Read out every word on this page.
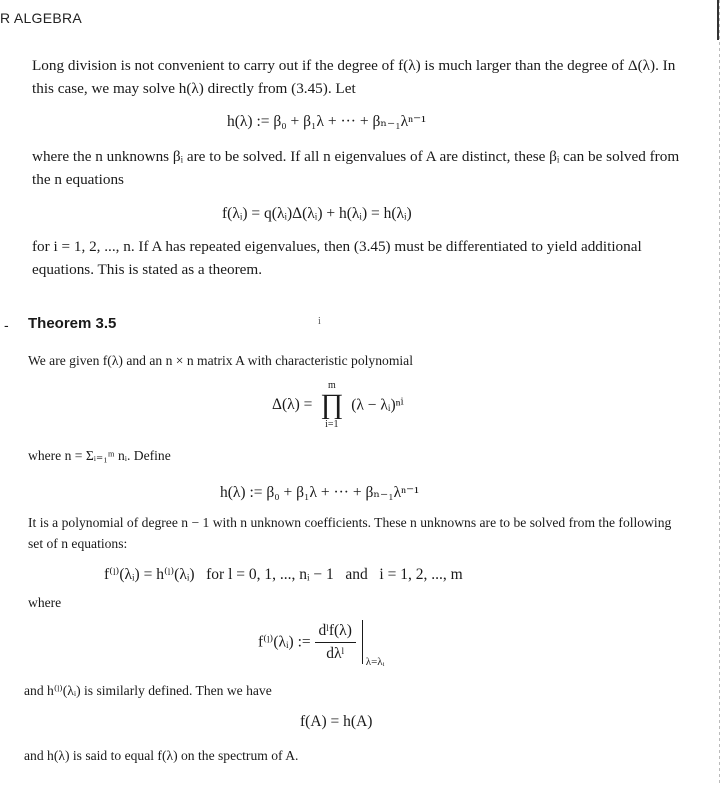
R ALGEBRA

Long division is not convenient to carry out if the degree of f(λ) is much larger than the degree of Δ(λ). In this case, we may solve h(λ) directly from (3.45). Let

h(λ) := β₀ + β₁λ + ··· + βₙ₋₁λⁿ⁻¹

where the n unknowns βᵢ are to be solved. If all n eigenvalues of A are distinct, these βᵢ can be solved from the n equations

f(λᵢ) = q(λᵢ)Δ(λᵢ) + h(λᵢ) = h(λᵢ)

for i = 1, 2, ..., n. If A has repeated eigenvalues, then (3.45) must be differentiated to yield additional equations. This is stated as a theorem.

- Theorem 3.5	i

We are given f(λ) and an n × n matrix A with characteristic polynomial

Δ(λ) =
m
∏
i=1
(λ − λᵢ)ⁿⁱ

where n = Σᵢ₌₁ᵐ nᵢ. Define

h(λ) := β₀ + β₁λ + ··· + βₙ₋₁λⁿ⁻¹

It is a polynomial of degree n − 1 with n unknown coefficients. These n unknowns are to be solved from the following set of n equations:

f⁽ˡ⁾(λᵢ) = h⁽ˡ⁾(λᵢ)   for l = 0, 1, ..., nᵢ − 1   and   i = 1, 2, ..., m

where

f⁽ˡ⁾(λᵢ) := $\frac{\text{dˡf(λ)}}{\text{dλˡ}}$
λ=λᵢ

and h⁽ˡ⁾(λᵢ) is similarly defined. Then we have

f(A) = h(A)

and h(λ) is said to equal f(λ) on the spectrum of A.
